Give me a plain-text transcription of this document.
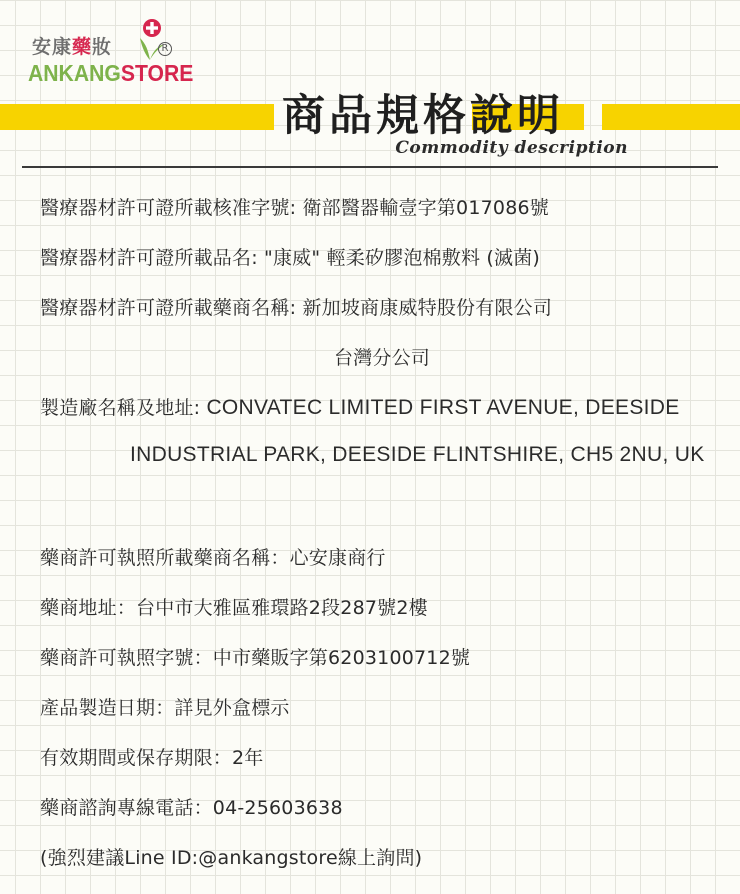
安康藥妝	R
ANKANGSTORE
商品規格說明
Commodity description
醫療器材許可證所載核准字號: 衛部醫器輸壹字第017086號
醫療器材許可證所載品名: "康威" 輕柔矽膠泡棉敷料 (滅菌)
醫療器材許可證所載藥商名稱: 新加坡商康威特股份有限公司
台灣分公司
製造廠名稱及地址: CONVATEC LIMITED FIRST AVENUE, DEESIDE
INDUSTRIAL PARK, DEESIDE FLINTSHIRE, CH5 2NU, UK
藥商許可執照所載藥商名稱：心安康商行
藥商地址：台中市大雅區雅環路2段287號2樓
藥商許可執照字號：中市藥販字第6203100712號
產品製造日期：詳見外盒標示
有效期間或保存期限：2年
藥商諮詢專線電話：04-25603638
(強烈建議Line ID:@ankangstore線上詢問)
